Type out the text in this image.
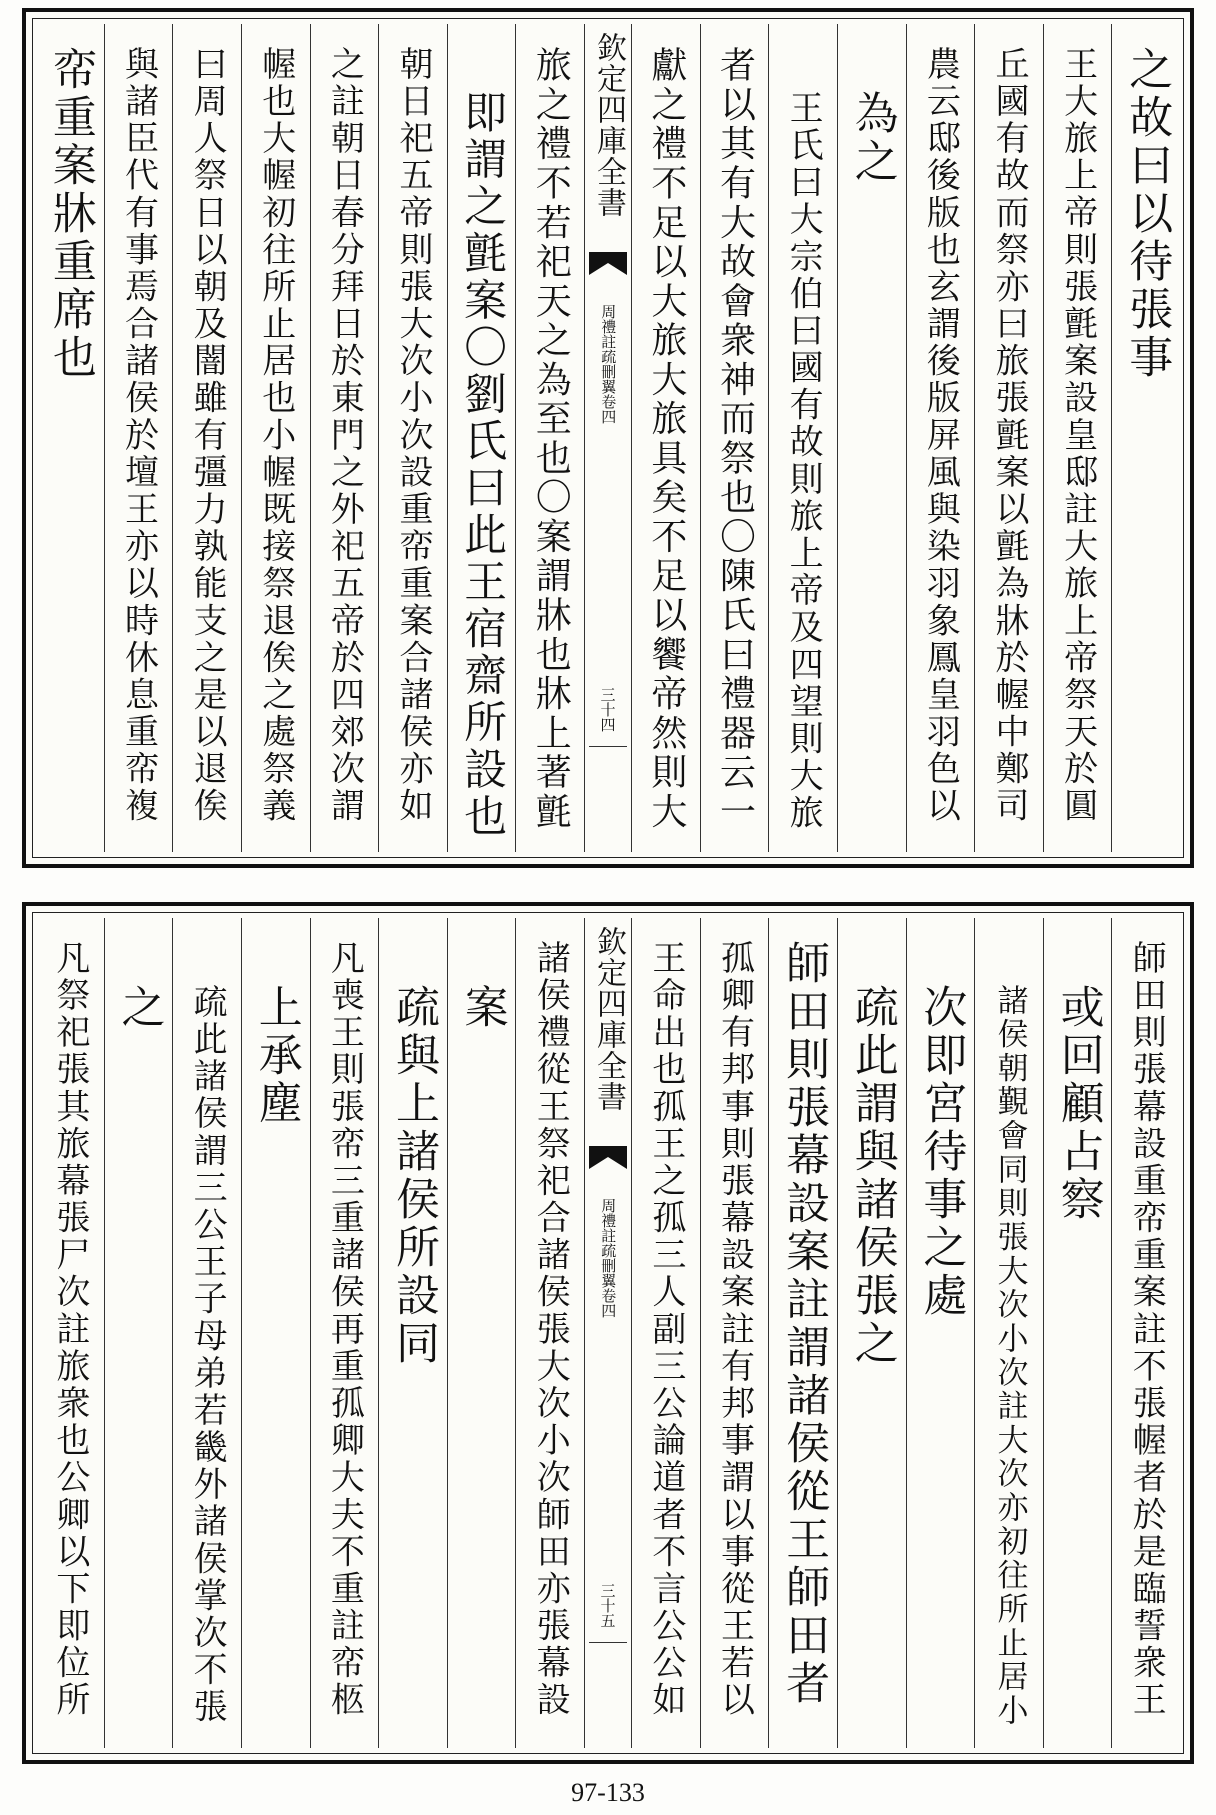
之故曰以待張事
王大旅上帝則張氈案設皇邸註大旅上帝祭天於圓
丘國有故而祭亦曰旅張氈案以氈為牀於幄中鄭司
農云邸後版也玄謂後版屏風與染羽象鳳皇羽色以
為之
王氏曰大宗伯曰國有故則旅上帝及四望則大旅
者以其有大故會衆神而祭也〇陳氏曰禮器云一
獻之禮不足以大旅大旅具矣不足以饗帝然則大
欽定四庫全書
周禮註疏刪翼卷四
三十四
旅之禮不若祀天之為至也〇案謂牀也牀上著氈
即謂之氈案〇劉氏曰此王宿齋所設也
朝日祀五帝則張大次小次設重帟重案合諸侯亦如
之註朝日春分拜日於東門之外祀五帝於四郊次謂
幄也大幄初往所止居也小幄既接祭退俟之處祭義
曰周人祭日以朝及闇雖有彊力孰能支之是以退俟
與諸臣代有事焉合諸侯於壇王亦以時休息重帟複
帟重案牀重席也
師田則張幕設重帟重案註不張幄者於是臨誓衆王
或回顧占察
諸侯朝覲會同則張大次小次註大次亦初往所止居小
次即宮待事之處
疏此謂與諸侯張之
師田則張幕設案註謂諸侯從王師田者
孤卿有邦事則張幕設案註有邦事謂以事從王若以
王命出也孤王之孤三人副三公論道者不言公公如
欽定四庫全書
周禮註疏刪翼卷四
三十五
諸侯禮從王祭祀合諸侯張大次小次師田亦張幕設
案
疏與上諸侯所設同
凡喪王則張帟三重諸侯再重孤卿大夫不重註帟柩
上承塵
疏此諸侯謂三公王子母弟若畿外諸侯掌次不張
之
凡祭祀張其旅幕張尸次註旅衆也公卿以下即位所
97-133
